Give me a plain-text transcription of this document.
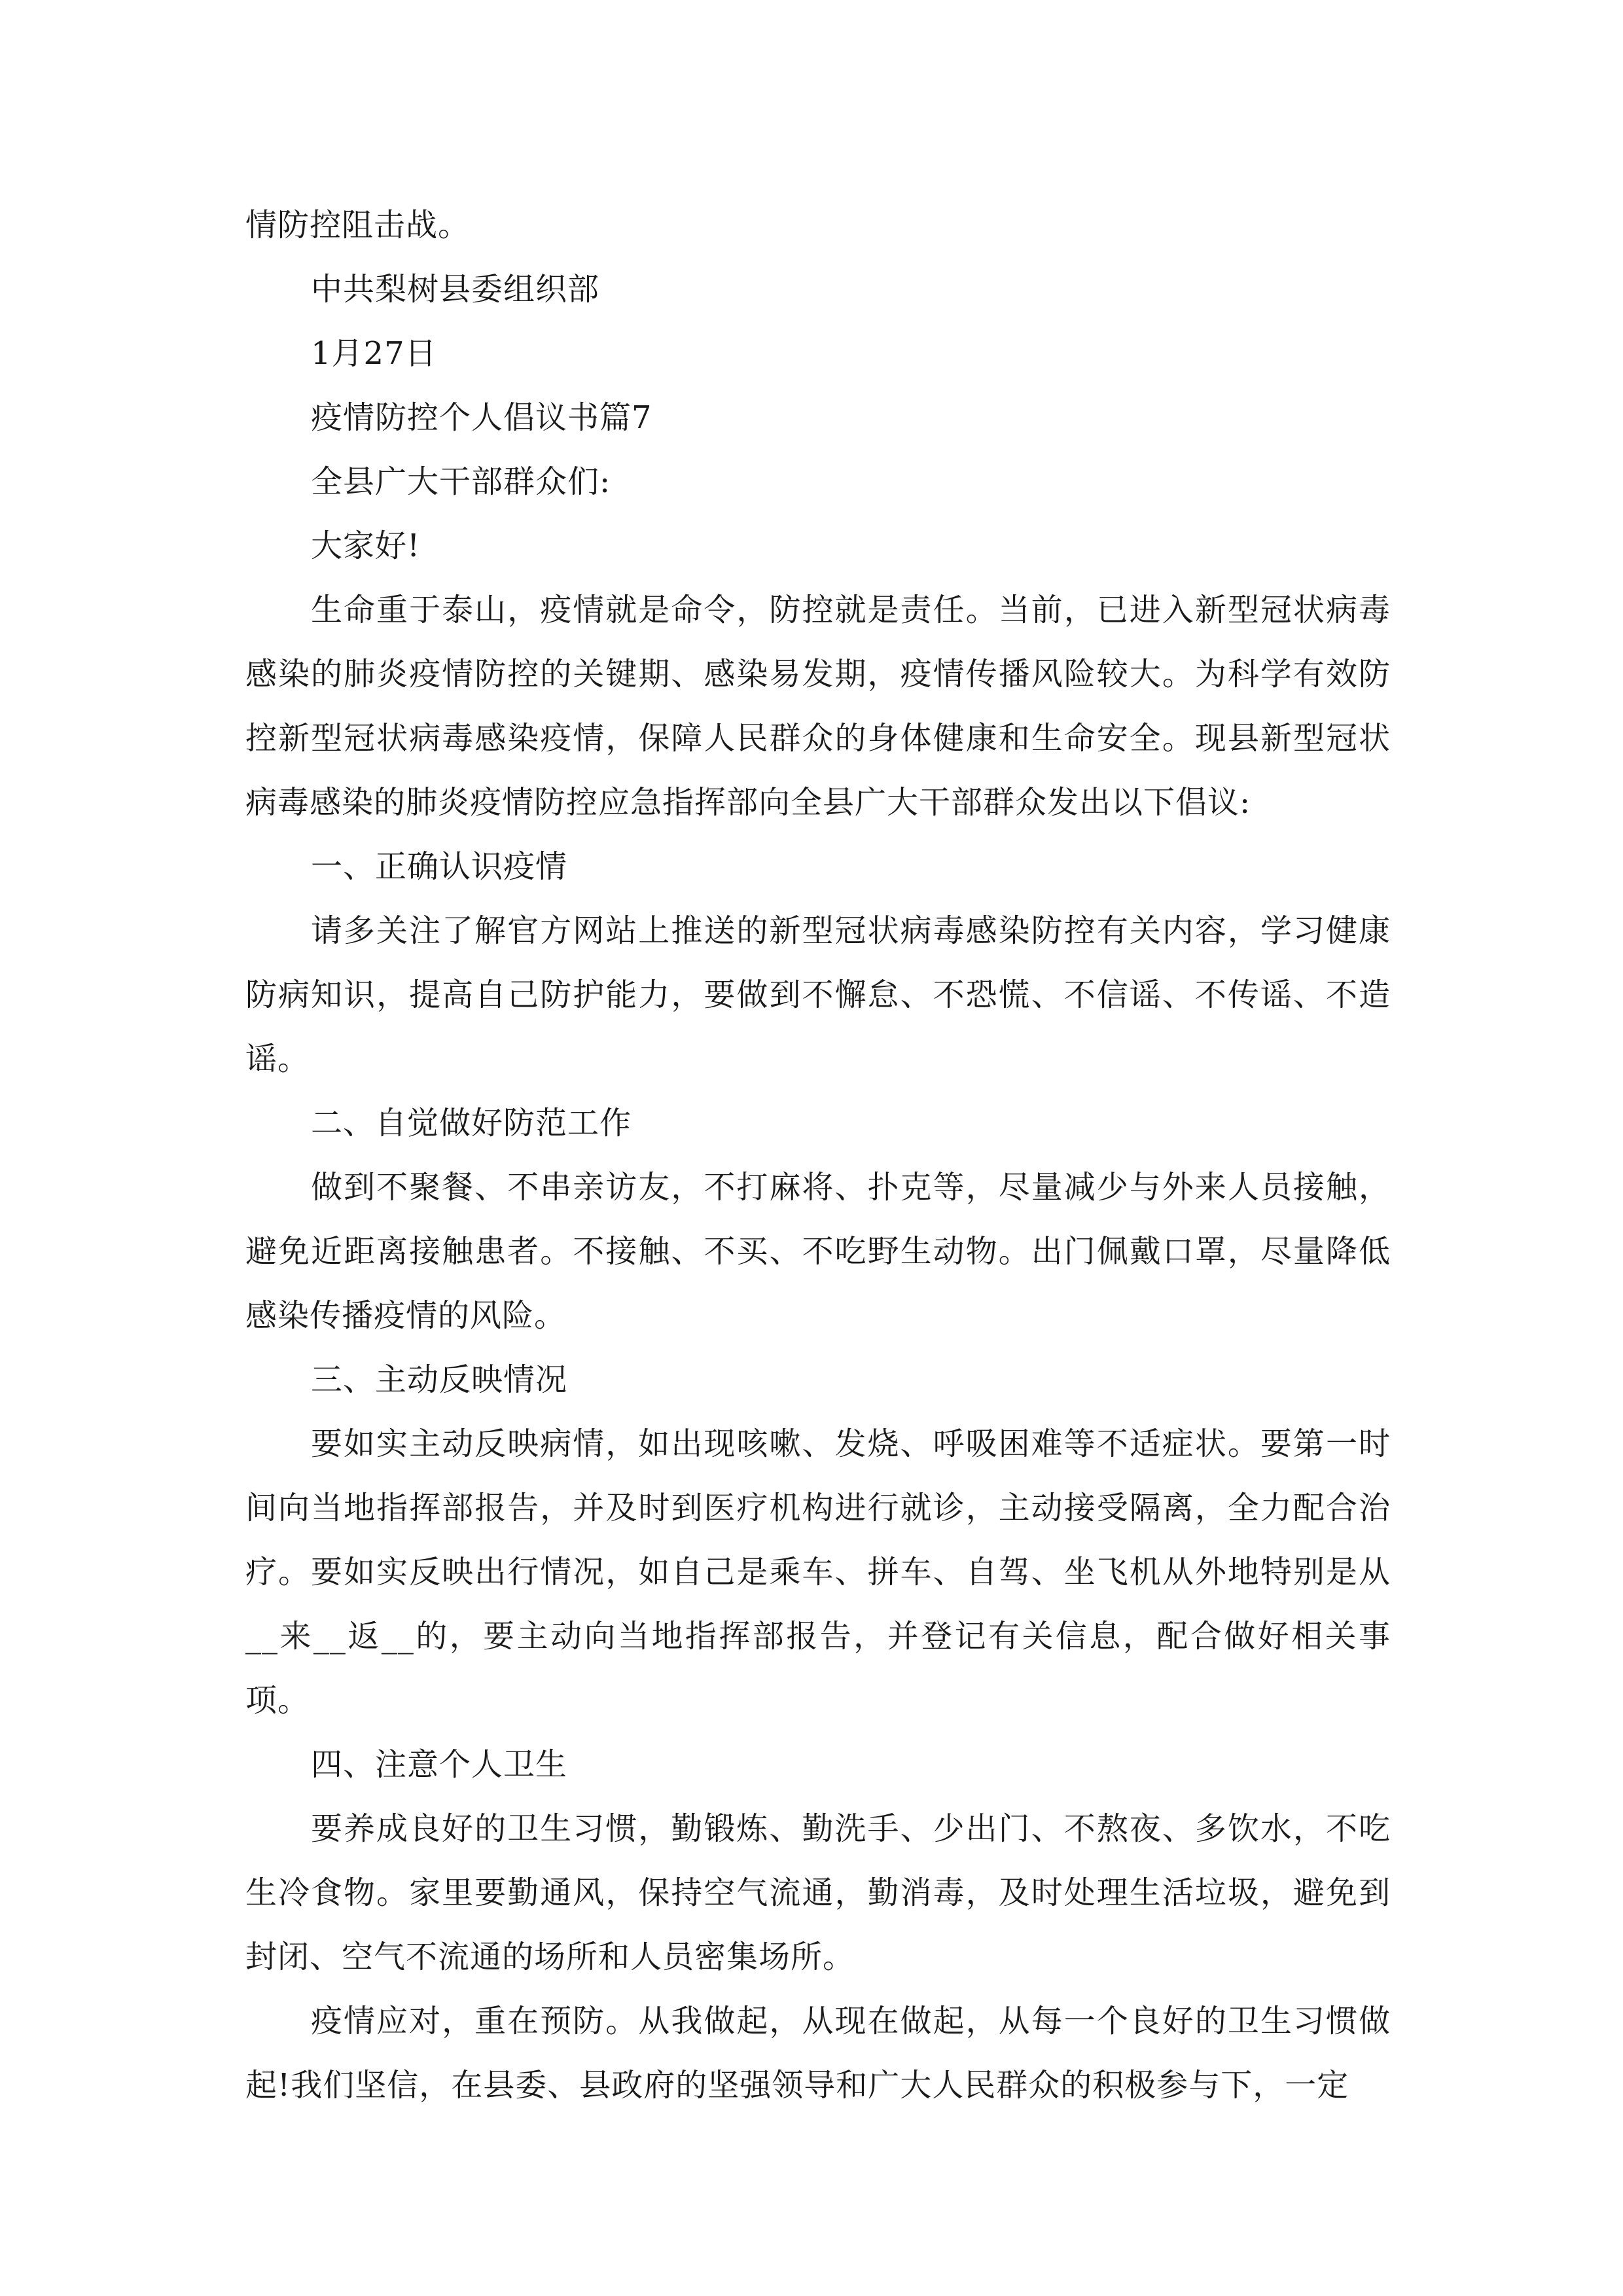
情防控阻击战。

中共梨树县委组织部

1月27日

疫情防控个人倡议书篇7

全县广大干部群众们:

大家好!

生命重于泰山，疫情就是命令，防控就是责任。当前，已进入新型冠状病毒感染的肺炎疫情防控的关键期、感染易发期，疫情传播风险较大。为科学有效防控新型冠状病毒感染疫情，保障人民群众的身体健康和生命安全。现县新型冠状病毒感染的肺炎疫情防控应急指挥部向全县广大干部群众发出以下倡议:

一、正确认识疫情

请多关注了解官方网站上推送的新型冠状病毒感染防控有关内容，学习健康防病知识，提高自己防护能力，要做到不懈怠、不恐慌、不信谣、不传谣、不造谣。

二、自觉做好防范工作

做到不聚餐、不串亲访友，不打麻将、扑克等，尽量减少与外来人员接触，避免近距离接触患者。不接触、不买、不吃野生动物。出门佩戴口罩，尽量降低感染传播疫情的风险。

三、主动反映情况

要如实主动反映病情，如出现咳嗽、发烧、呼吸困难等不适症状。要第一时间向当地指挥部报告，并及时到医疗机构进行就诊，主动接受隔离，全力配合治疗。要如实反映出行情况，如自己是乘车、拼车、自驾、坐飞机从外地特别是从__来__返__的，要主动向当地指挥部报告，并登记有关信息，配合做好相关事项。

四、注意个人卫生

要养成良好的卫生习惯，勤锻炼、勤洗手、少出门、不熬夜、多饮水，不吃生冷食物。家里要勤通风，保持空气流通，勤消毒，及时处理生活垃圾，避免到封闭、空气不流通的场所和人员密集场所。

疫情应对，重在预防。从我做起，从现在做起，从每一个良好的卫生习惯做起!我们坚信，在县委、县政府的坚强领导和广大人民群众的积极参与下，一定
